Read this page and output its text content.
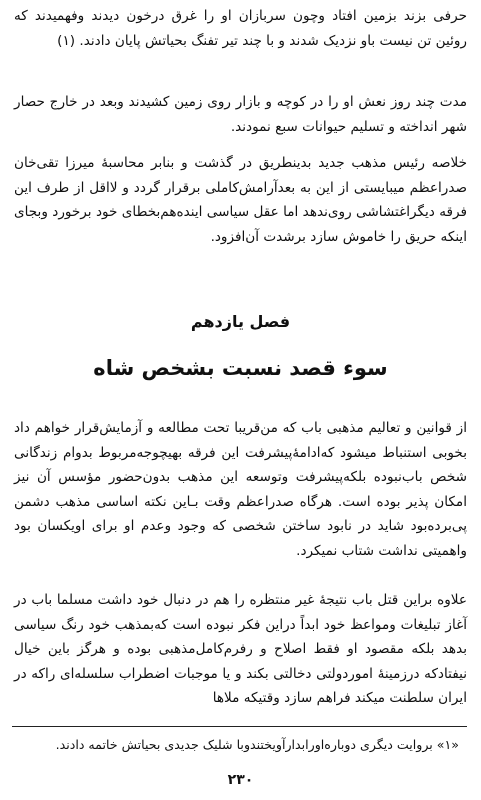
حرفی بزند بزمین افتاد وچون سربازان او را غرق درخون دیدند وفهمیدند که روئین تن نیست باو نزدیک شدند و با چند تیر تفنگ بحیاتش پایان دادند. (۱)

مدت چند روز نعش او را در کوچه و بازار روی زمین کشیدند وبعد در خارج حصار شهر انداخته و تسلیم حیوانات سبع نمودند.

خلاصه رئیس مذهب جدید بدینطریق در گذشت و بنابر محاسبهٔ میرزا تقی‌خان صدراعظم میبایستی از این به بعدآرامش‌کاملی برقرار گردد و لااقل از طرف این فرقه دیگراغتشاشی روی‌ندهد اما عقل سیاسی اینده‌هم‌بخطای خود برخورد وبجای اینکه حریق را خاموش سازد برشدت آن‌افزود.

فصل یازدهم
سوء قصد نسبت بشخص شاه

از قوانین و تعالیم مذهبی باب که من‌قریبا تحت مطالعه و آزمایش‌قرار خواهم داد بخوبی استنباط میشود که‌ادامهٔ‌پیشرفت این فرقه بهیچوجه‌مربوط بدوام زندگانی شخص باب‌نبوده بلکه‌پیشرفت وتوسعه این مذهب بدون‌حضور مؤسس آن نیز امکان پذیر بوده است. هرگاه صدراعظم وقت بـاین نکته اساسی مذهب دشمن پی‌برده‌بود شاید در نابود ساختن شخصی که وجود وعدم او برای اویکسان بود واهمیتی نداشت شتاب نمیکرد.

علاوه براین قتل باب نتیجهٔ غیر منتظره را هم در دنبال خود داشت مسلما باب در آغاز تبلیغات ومواعظ خود ابداً دراین فکر نبوده است که‌بمذهب خود رنگ سیاسی بدهد بلکه مقصود او فقط اصلاح و رفرم‌کامل‌مذهبی بوده و هرگز باین خیال نیفتادکه درزمینهٔ اموردولتی دخالتی بکند و یا موجبات اضطراب سلسله‌ای راکه در ایران سلطنت میکند فراهم سازد وقتیکه ملاها

«۱» بروایت دیگری دوباره‌اورا‌بدار‌آویختند‌وبا شلیک جدیدی بحیاتش خاتمه دادند.

۲۳۰
